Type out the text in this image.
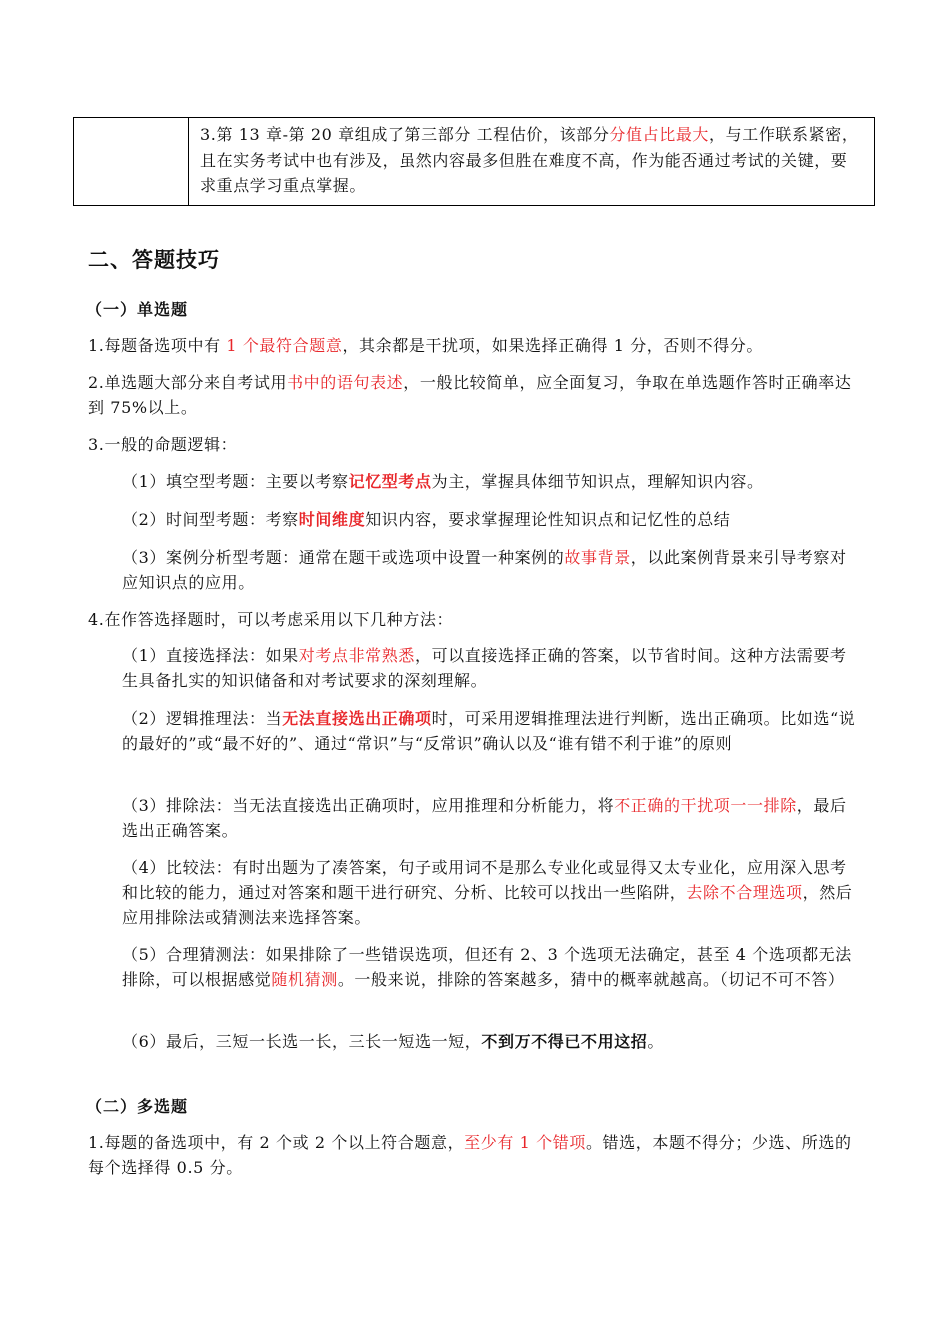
3.第 13 章-第 20 章组成了第三部分 工程估价，该部分分值占比最大，与工作联系紧密，且在实务考试中也有涉及，虽然内容最多但胜在难度不高，作为能否通过考试的关键，要求重点学习重点掌握。
二、答题技巧
（一）单选题
1.每题备选项中有 1 个最符合题意，其余都是干扰项，如果选择正确得 1 分，否则不得分。
2.单选题大部分来自考试用书中的语句表述，一般比较简单，应全面复习，争取在单选题作答时正确率达到 75%以上。
3.一般的命题逻辑：
（1）填空型考题：主要以考察记忆型考点为主，掌握具体细节知识点，理解知识内容。
（2）时间型考题：考察时间维度知识内容，要求掌握理论性知识点和记忆性的总结
（3）案例分析型考题：通常在题干或选项中设置一种案例的故事背景，以此案例背景来引导考察对应知识点的应用。
4.在作答选择题时，可以考虑采用以下几种方法：
（1）直接选择法：如果对考点非常熟悉，可以直接选择正确的答案，以节省时间。这种方法需要考生具备扎实的知识储备和对考试要求的深刻理解。
（2）逻辑推理法：当无法直接选出正确项时，可采用逻辑推理法进行判断，选出正确项。比如选“说的最好的”或“最不好的”、通过“常识”与“反常识”确认以及“谁有错不利于谁”的原则
（3）排除法：当无法直接选出正确项时，应用推理和分析能力，将不正确的干扰项一一排除，最后选出正确答案。
（4）比较法：有时出题为了凑答案，句子或用词不是那么专业化或显得又太专业化，应用深入思考和比较的能力，通过对答案和题干进行研究、分析、比较可以找出一些陷阱，去除不合理选项，然后应用排除法或猜测法来选择答案。
（5）合理猜测法：如果排除了一些错误选项，但还有 2、3 个选项无法确定，甚至 4 个选项都无法排除，可以根据感觉随机猜测。一般来说，排除的答案越多，猜中的概率就越高。（切记不可不答）
（6）最后，三短一长选一长，三长一短选一短，不到万不得已不用这招。
（二）多选题
1.每题的备选项中，有 2 个或 2 个以上符合题意，至少有 1 个错项。错选，本题不得分；少选、所选的每个选择得 0.5 分。
